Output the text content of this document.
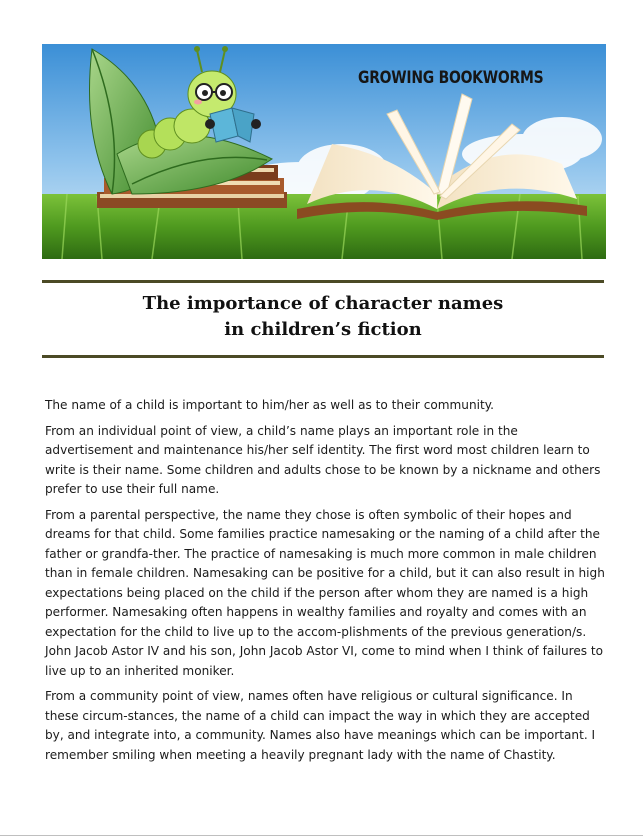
GROWING BOOKWORMS
The importance of character names
in children’s fiction

The name of a child is important to him/her as well as to their community.

From an individual point of view, a child’s name plays an important role in the advertisement and maintenance his/her self identity. The first word most children learn to write is their name. Some children and adults chose to be known by a nickname and others prefer to use their full name.

From a parental perspective, the name they chose is often symbolic of their hopes and dreams for that child. Some families practice namesaking or the naming of a child after the father or grandfa-ther. The practice of namesaking is much more common in male children than in female children. Namesaking can be positive for a child, but it can also result in high expectations being placed on the child if the person after whom they are named is a high performer. Namesaking often happens in wealthy families and royalty and comes with an expectation for the child to live up to the accom-plishments of the previous generation/s. John Jacob Astor IV and his son, John Jacob Astor VI, come to mind when I think of failures to live up to an inherited moniker.

From a community point of view, names often have religious or cultural significance. In these circum-stances, the name of a child can impact the way in which they are accepted by, and integrate into, a community. Names also have meanings which can be important. I remember smiling when meeting a heavily pregnant lady with the name of Chastity.
